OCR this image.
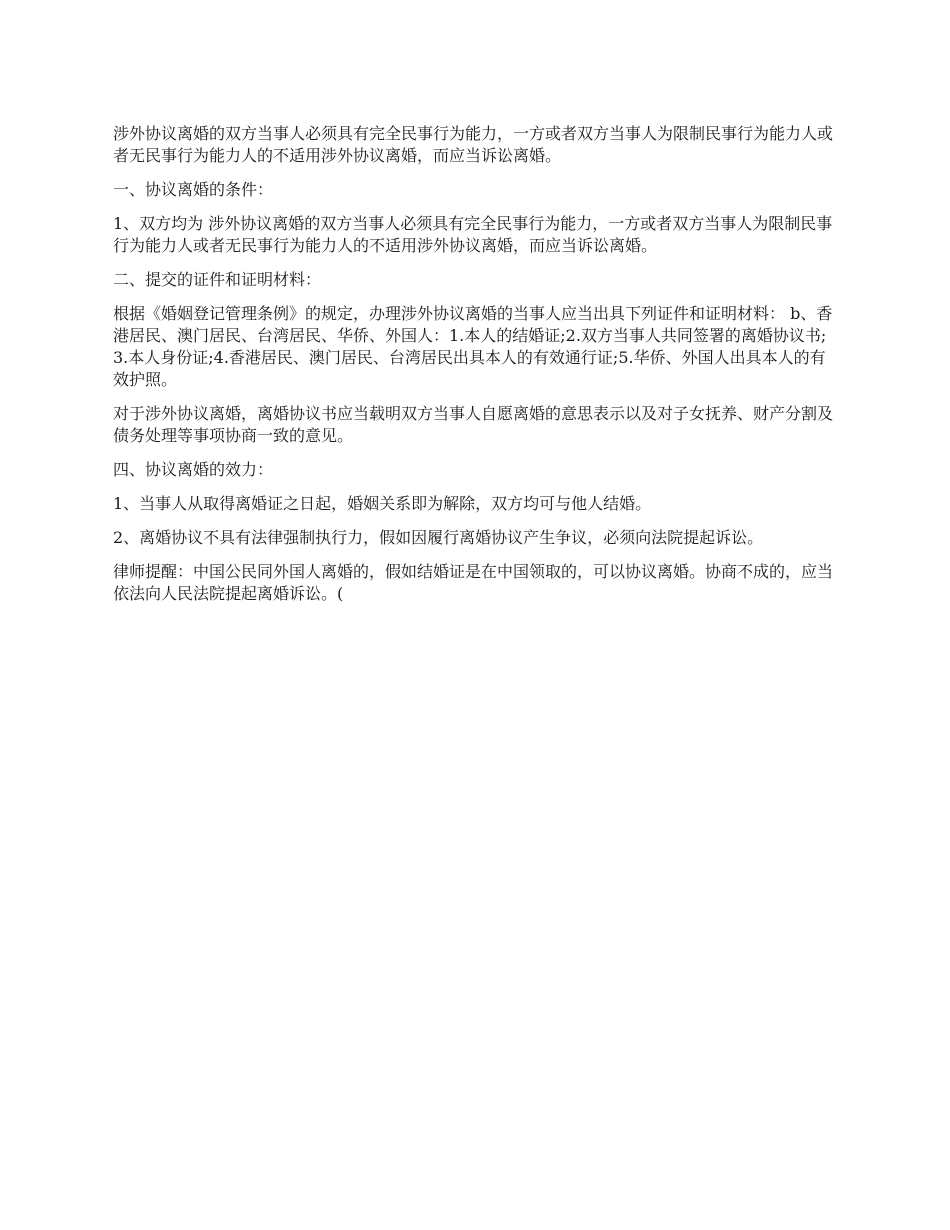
涉外协议离婚的双方当事人必须具有完全民事行为能力，一方或者双方当事人为限制民事行为能力人或者无民事行为能力人的不适用涉外协议离婚，而应当诉讼离婚。

一、协议离婚的条件：

1、双方均为 涉外协议离婚的双方当事人必须具有完全民事行为能力，一方或者双方当事人为限制民事行为能力人或者无民事行为能力人的不适用涉外协议离婚，而应当诉讼离婚。

二、提交的证件和证明材料：

根据《婚姻登记管理条例》的规定，办理涉外协议离婚的当事人应当出具下列证件和证明材料： b、香港居民、澳门居民、台湾居民、华侨、外国人：1.本人的结婚证;2.双方当事人共同签署的离婚协议书;3.本人身份证;4.香港居民、澳门居民、台湾居民出具本人的有效通行证;5.华侨、外国人出具本人的有效护照。

对于涉外协议离婚，离婚协议书应当载明双方当事人自愿离婚的意思表示以及对子女抚养、财产分割及债务处理等事项协商一致的意见。

四、协议离婚的效力：

1、当事人从取得离婚证之日起，婚姻关系即为解除，双方均可与他人结婚。

2、离婚协议不具有法律强制执行力，假如因履行离婚协议产生争议，必须向法院提起诉讼。

律师提醒：中国公民同外国人离婚的，假如结婚证是在中国领取的，可以协议离婚。协商不成的，应当依法向人民法院提起离婚诉讼。(
